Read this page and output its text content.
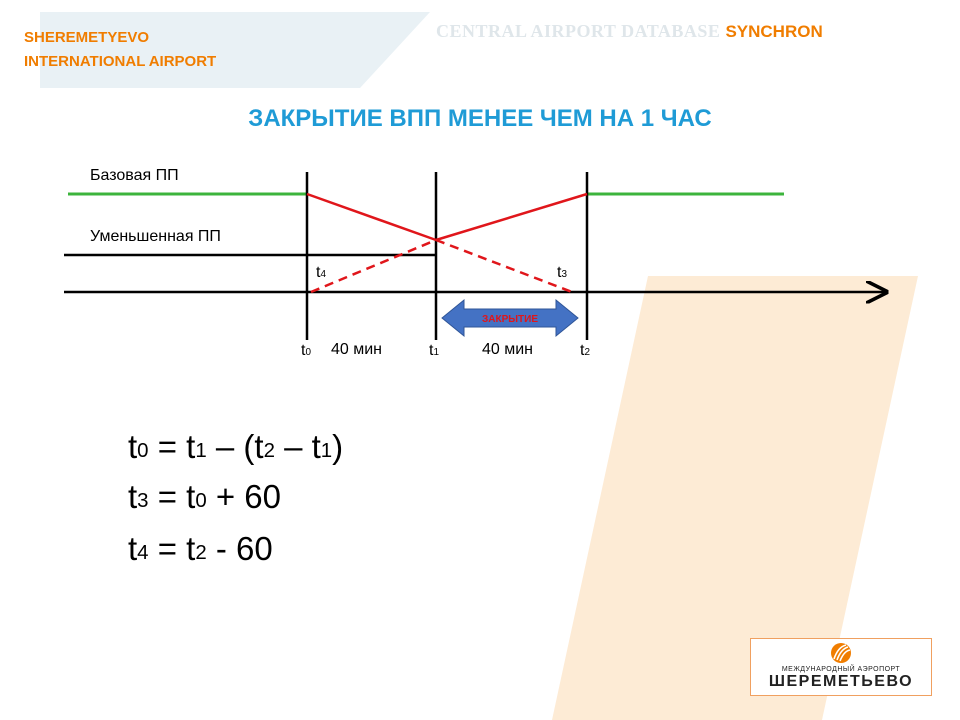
SHEREMETYEVO
INTERNATIONAL AIRPORT
CENTRAL AIRPORT DATABASE SYNCHRON
ЗАКРЫТИЕ ВПП МЕНЕЕ ЧЕМ НА 1 ЧАС
ЗАКРЫТИЕ
Базовая ПП
Уменьшенная ПП
$t_4$	$t_3$
$t_0$ 40 мин	$t_1$	40 мин	$t_2$
$t_0 = t_1 - (t_2 - t_1)$
$t_3 = t_0 + 60$
$t_4 = t_2 - 60$
МЕЖДУНАРОДНЫЙ АЭРОПОРТ
ШЕРЕМЕТЬЕВО
